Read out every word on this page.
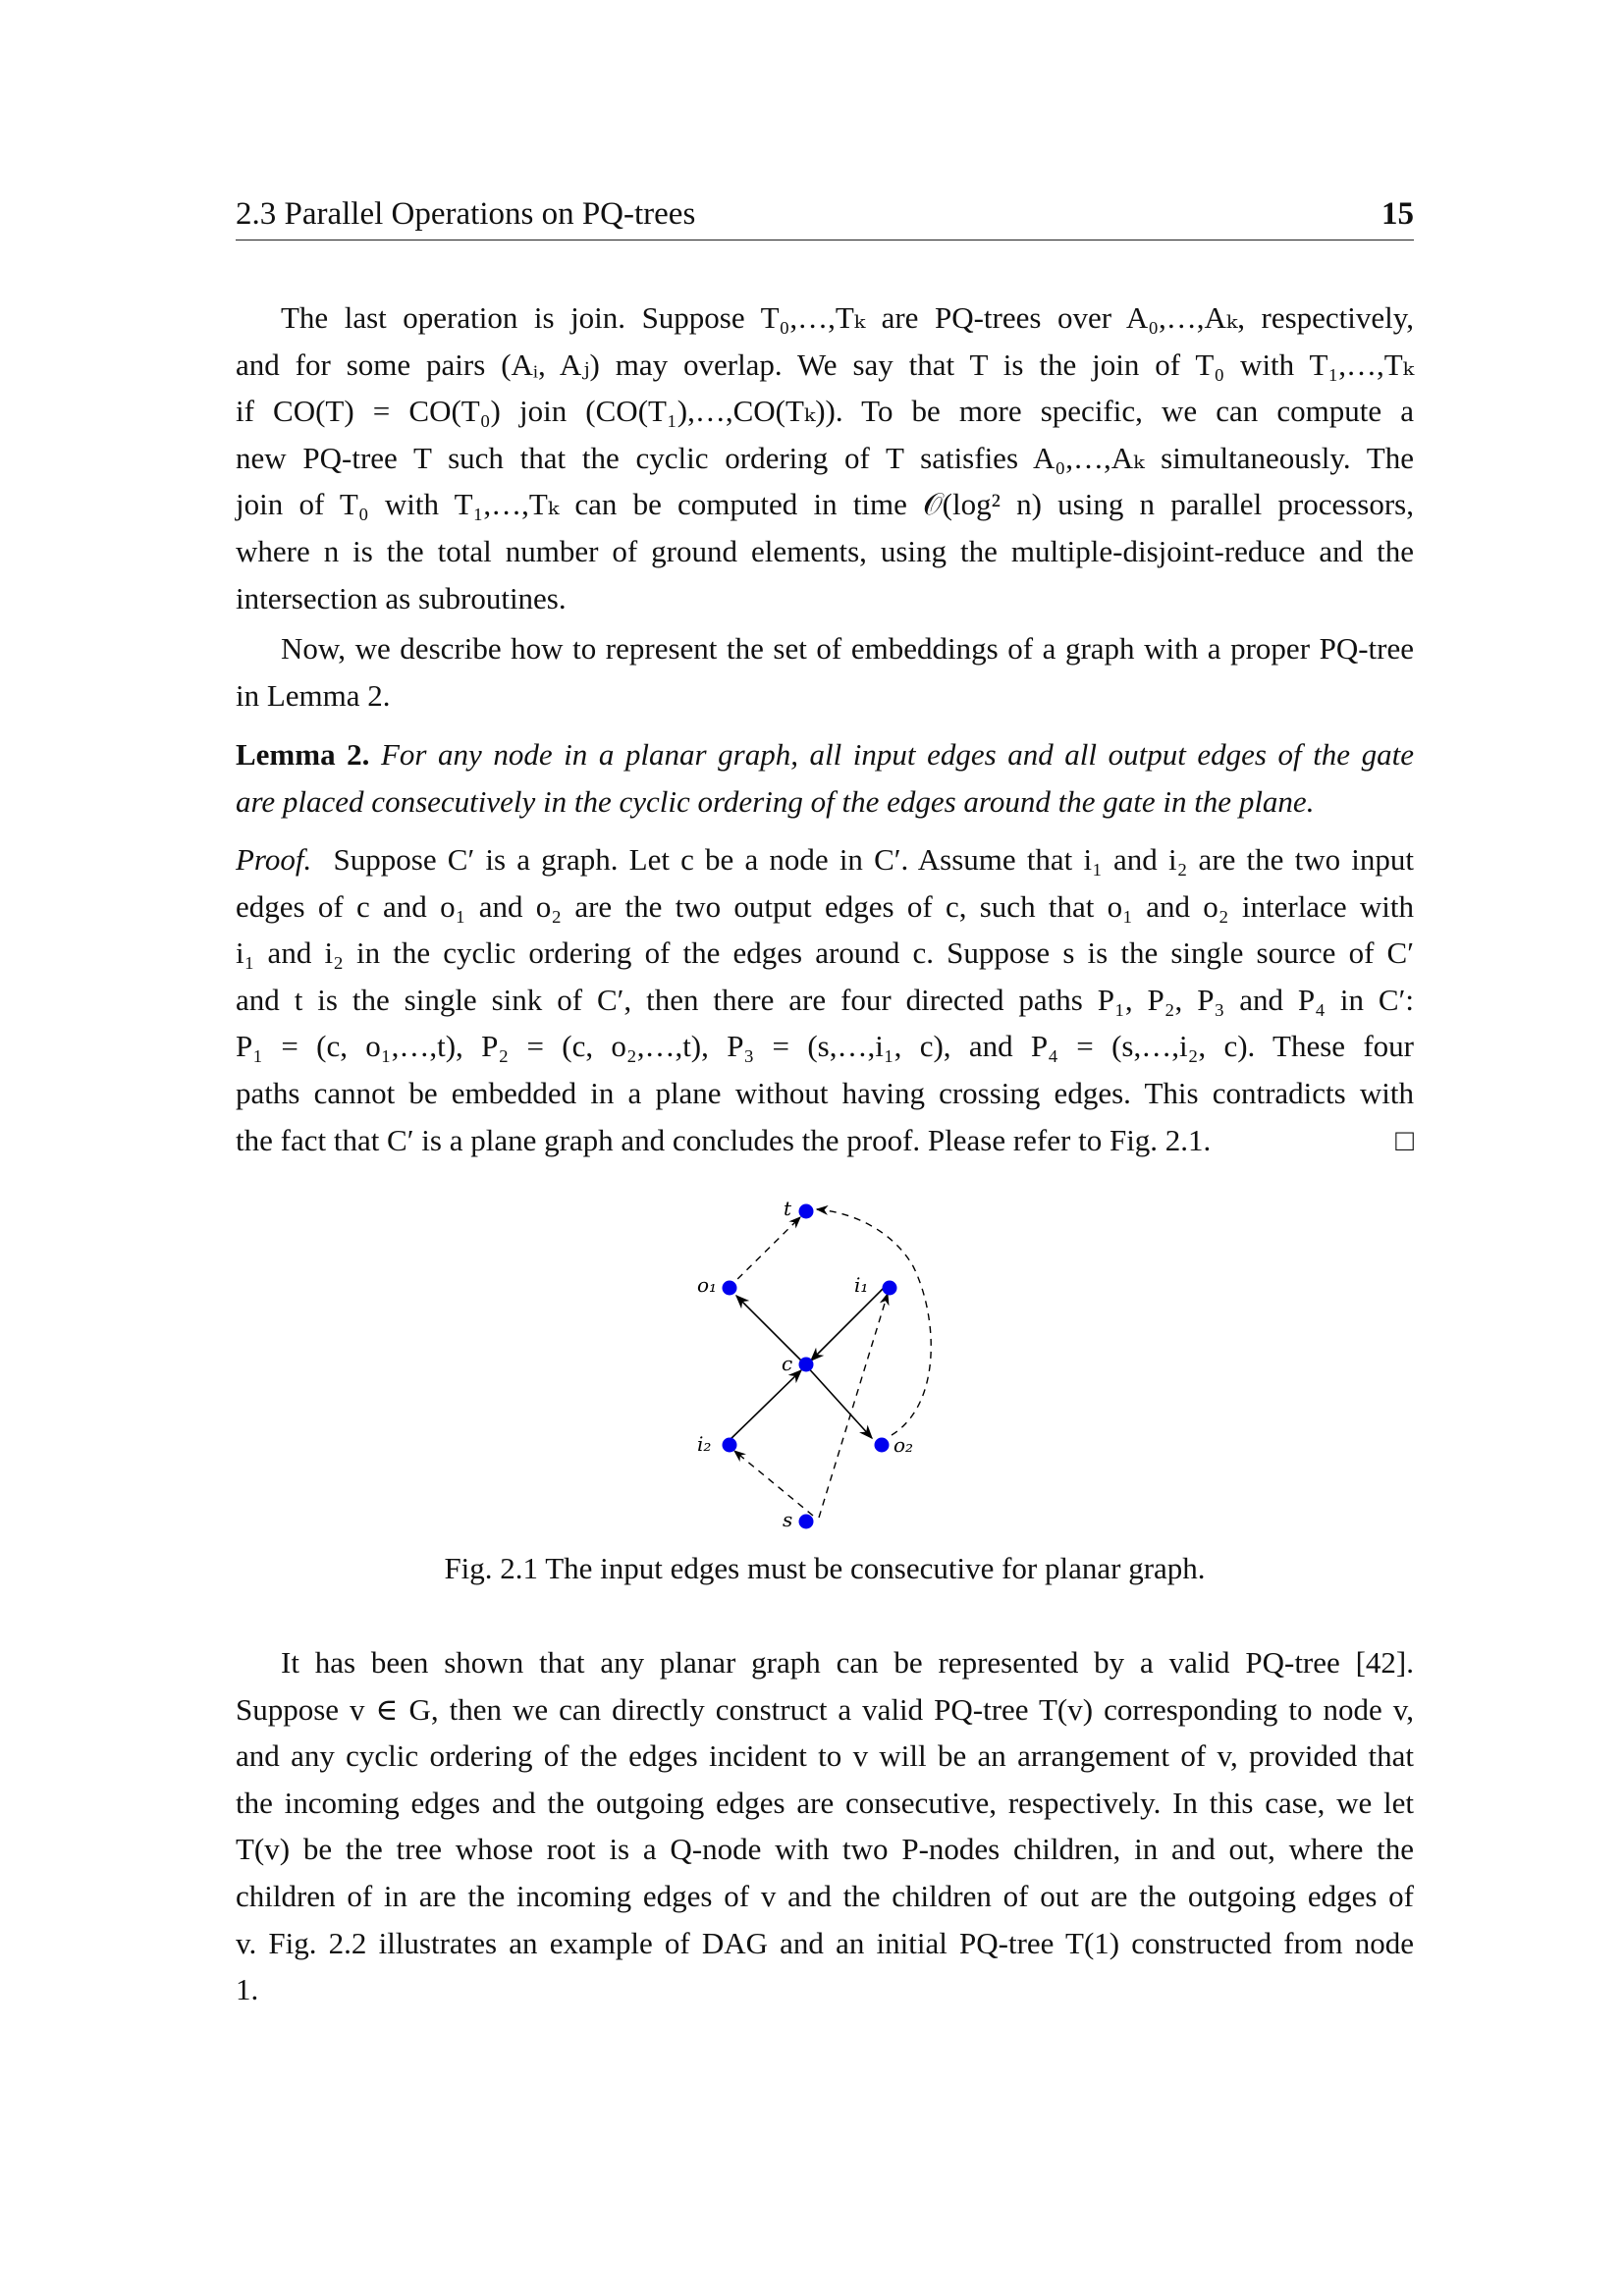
2.3 Parallel Operations on PQ-trees	15
The last operation is join. Suppose T₀,…,Tₖ are PQ-trees over A₀,…,Aₖ, respectively,
and for some pairs (Aᵢ, Aⱼ) may overlap. We say that T is the join of T₀ with T₁,…,Tₖ
if CO(T) = CO(T₀) join (CO(T₁),…,CO(Tₖ)). To be more specific, we can compute a
new PQ-tree T such that the cyclic ordering of T satisfies A₀,…,Aₖ simultaneously. The
join of T₀ with T₁,…,Tₖ can be computed in time 𝒪(log² n) using n parallel processors,
where n is the total number of ground elements, using the multiple-disjoint-reduce and the
intersection as subroutines.
Now, we describe how to represent the set of embeddings of a graph with a proper PQ-tree
in Lemma 2.
Lemma 2. For any node in a planar graph, all input edges and all output edges of the gate
are placed consecutively in the cyclic ordering of the edges around the gate in the plane.
Proof. Suppose C′ is a graph. Let c be a node in C′. Assume that i₁ and i₂ are the two input
edges of c and o₁ and o₂ are the two output edges of c, such that o₁ and o₂ interlace with
i₁ and i₂ in the cyclic ordering of the edges around c. Suppose s is the single source of C′
and t is the single sink of C′, then there are four directed paths P₁, P₂, P₃ and P₄ in C′:
P₁ = (c, o₁,…,t), P₂ = (c, o₂,…,t), P₃ = (s,…,i₁, c), and P₄ = (s,…,i₂, c). These four
paths cannot be embedded in a plane without having crossing edges. This contradicts with
the fact that C′ is a plane graph and concludes the proof. Please refer to Fig. 2.1.	□
t
o₁	i₁
c
i₂	o₂
s
Fig. 2.1 The input edges must be consecutive for planar graph.
It has been shown that any planar graph can be represented by a valid PQ-tree [42].
Suppose v ∈ G, then we can directly construct a valid PQ-tree T(v) corresponding to node v,
and any cyclic ordering of the edges incident to v will be an arrangement of v, provided that
the incoming edges and the outgoing edges are consecutive, respectively. In this case, we let
T(v) be the tree whose root is a Q-node with two P-nodes children, in and out, where the
children of in are the incoming edges of v and the children of out are the outgoing edges of
v. Fig. 2.2 illustrates an example of DAG and an initial PQ-tree T(1) constructed from node
1.
